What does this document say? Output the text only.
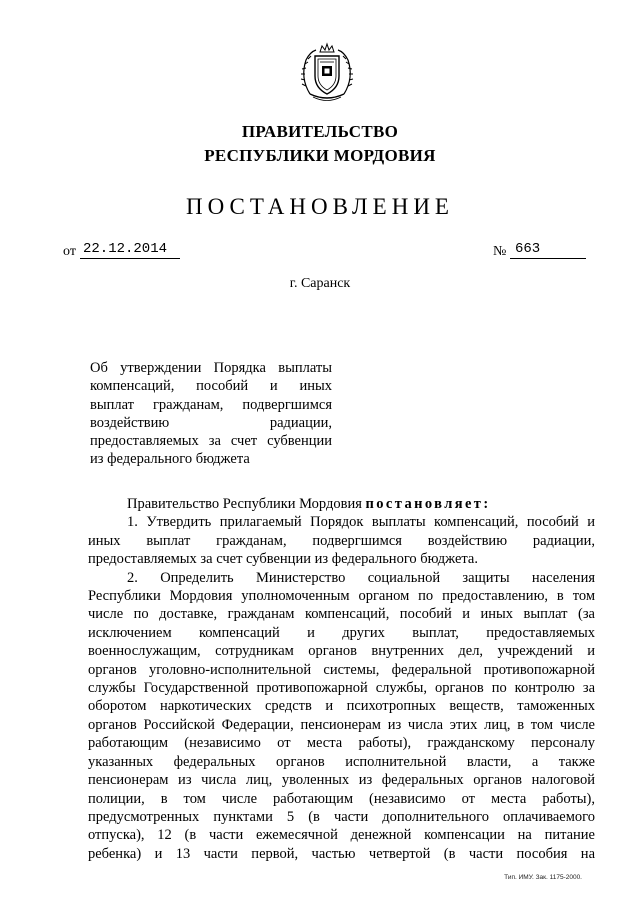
ПРАВИТЕЛЬСТВО
РЕСПУБЛИКИ МОРДОВИЯ
ПОСТАНОВЛЕНИЕ
от 22.12.2014	№ 663
г. Саранск
Об утверждении Порядка выплаты
компенсаций, пособий и иных
выплат гражданам, подвергшимся
воздействию радиации,
предоставляемых за счет субвенции
из федерального бюджета
Правительство Республики Мордовия постановляет:
1. Утвердить прилагаемый Порядок выплаты компенсаций, пособий и
иных выплат гражданам, подвергшимся воздействию радиации,
предоставляемых за счет субвенции из федерального бюджета.
2. Определить Министерство социальной защиты населения
Республики Мордовия уполномоченным органом по предоставлению, в том
числе по доставке, гражданам компенсаций, пособий и иных выплат (за
исключением компенсаций и других выплат, предоставляемых
военнослужащим, сотрудникам органов внутренних дел, учреждений и
органов уголовно-исполнительной системы, федеральной противопожарной
службы Государственной противопожарной службы, органов по контролю за
оборотом наркотических средств и психотропных веществ, таможенных
органов Российской Федерации, пенсионерам из числа этих лиц, в том числе
работающим (независимо от места работы), гражданскому персоналу
указанных федеральных органов исполнительной власти, а также
пенсионерам из числа лиц, уволенных из федеральных органов налоговой
полиции, в том числе работающим (независимо от места работы),
предусмотренных пунктами 5 (в части дополнительного оплачиваемого
отпуска), 12 (в части ежемесячной денежной компенсации на питание
ребенка) и 13 части первой, частью четвертой (в части пособия на
Тип. ИМУ. Зак. 1175-2000.
